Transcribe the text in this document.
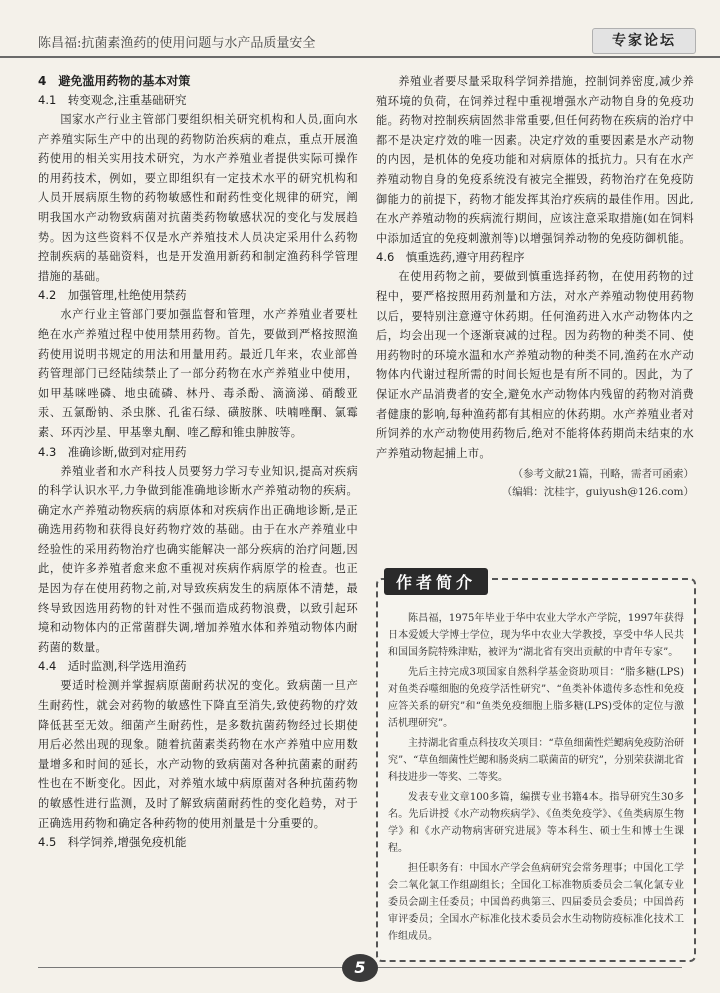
陈昌福:抗菌素渔药的使用问题与水产品质量安全	专家论坛

4　避免滥用药物的基本对策

4.1　转变观念,注重基础研究

国家水产行业主管部门要组织相关研究机构和人员,面向水产养殖实际生产中的出现的药物防治疾病的难点，重点开展渔药使用的相关实用技术研究，为水产养殖业者提供实际可操作的用药技术，例如，要立即组织有一定技术水平的研究机构和人员开展病原生物的药物敏感性和耐药性变化规律的研究，阐明我国水产动物致病菌对抗菌类药物敏感状况的变化与发展趋势。因为这些资料不仅是水产养殖技术人员决定采用什么药物控制疾病的基础资料，也是开发渔用新药和制定渔药科学管理措施的基础。

4.2　加强管理,杜绝使用禁药

水产行业主管部门要加强监督和管理，水产养殖业者要杜绝在水产养殖过程中使用禁用药物。首先，要做到严格按照渔药使用说明书规定的用法和用量用药。最近几年来，农业部兽药管理部门已经陆续禁止了一部分药物在水产养殖业中使用，如甲基咪唑磷、地虫硫磷、林丹、毒杀酚、滴滴涕、硝酸亚汞、五氯酚钠、杀虫脒、孔雀石绿、磺胺脒、呋喃唑酮、氯霉素、环丙沙星、甲基睾丸酮、喹乙醇和锥虫胂胺等。

4.3　准确诊断,做到对症用药

养殖业者和水产科技人员要努力学习专业知识,提高对疾病的科学认识水平,力争做到能准确地诊断水产养殖动物的疾病。确定水产养殖动物疾病的病原体和对疾病作出正确地诊断,是正确选用药物和获得良好药物疗效的基础。由于在水产养殖业中经验性的采用药物治疗也确实能解决一部分疾病的治疗问题,因此，使许多养殖者愈来愈不重视对疾病作病原学的检查。也正是因为存在使用药物之前,对导致疾病发生的病原体不清楚，最终导致因选用药物的针对性不强而造成药物浪费，以致引起环境和动物体内的正常菌群失调,增加养殖水体和养殖动物体内耐药菌的数量。

4.4　适时监测,科学选用渔药

要适时检测并掌握病原菌耐药状况的变化。致病菌一旦产生耐药性，就会对药物的敏感性下降直至消失,致使药物的疗效降低甚至无效。细菌产生耐药性，是多数抗菌药物经过长期使用后必然出现的现象。随着抗菌素类药物在水产养殖中应用数量增多和时间的延长，水产动物的致病菌对各种抗菌素的耐药性也在不断变化。因此，对养殖水域中病原菌对各种抗菌药物的敏感性进行监测，及时了解致病菌耐药性的变化趋势，对于正确选用药物和确定各种药物的使用剂量是十分重要的。

4.5　科学饲养,增强免疫机能

养殖业者要尽量采取科学饲养措施，控制饲养密度,减少养殖环境的负荷，在饲养过程中重视增强水产动物自身的免疫功能。药物对控制疾病固然非常重要,但任何药物在疾病的治疗中都不是决定疗效的唯一因素。决定疗效的重要因素是水产动物的内因，是机体的免疫功能和对病原体的抵抗力。只有在水产养殖动物自身的免疫系统没有被完全摧毁，药物治疗在免疫防御能力的前提下，药物才能发挥其治疗疾病的最佳作用。因此,在水产养殖动物的疾病流行期间，应该注意采取措施(如在饲料中添加适宜的免疫刺激剂等)以增强饲养动物的免疫防御机能。

4.6　慎重选药,遵守用药程序

在使用药物之前，要做到慎重选择药物，在使用药物的过程中，要严格按照用药剂量和方法，对水产养殖动物使用药物以后，要特别注意遵守休药期。任何渔药进入水产动物体内之后，均会出现一个逐渐衰减的过程。因为药物的种类不同、使用药物时的环境水温和水产养殖动物的种类不同,渔药在水产动物体内代谢过程所需的时间长短也是有所不同的。因此，为了保证水产品消费者的安全,避免水产动物体内残留的药物对消费者健康的影响,每种渔药都有其相应的休药期。水产养殖业者对所饲养的水产动物使用药物后,绝对不能将体药期尚未结束的水产养殖动物起捕上市。

（参考文献21篇，刊略，需者可函索）

（编辑：沈桂宇，guiyush@126.com）

作者简介

陈昌福，1975年毕业于华中农业大学水产学院，1997年获得日本爱媛大学博士学位，现为华中农业大学教授，享受中华人民共和国国务院特殊津贴，被评为“湖北省有突出贡献的中青年专家”。

先后主持完成3项国家自然科学基金资助项目：“脂多糖(LPS)对鱼类吞噬细胞的免疫学活性研究”、“鱼类补体遗传多态性和免疫应答关系的研究”和“鱼类免疫细胞上脂多糖(LPS)受体的定位与激活机理研究”。

主持湖北省重点科技攻关项目：“草鱼细菌性烂鳃病免疫防治研究”、“草鱼细菌性烂鳃和肠炎病二联菌苗的研究”，分别荣获湖北省科技进步一等奖、二等奖。

发表专业文章100多篇，编撰专业书籍4本。指导研究生30多名。先后讲授《水产动物疾病学》、《鱼类免疫学》、《鱼类病原生物学》和《水产动物病害研究进展》等本科生、硕士生和博士生课程。

担任职务有：中国水产学会鱼病研究会常务理事；中国化工学会二氧化氯工作组副组长；全国化工标准物质委员会二氧化氯专业委员会副主任委员；中国兽药典第三、四届委员会委员；中国兽药审评委员；全国水产标准化技术委员会水生动物防疫标准化技术工作组成员。

5
